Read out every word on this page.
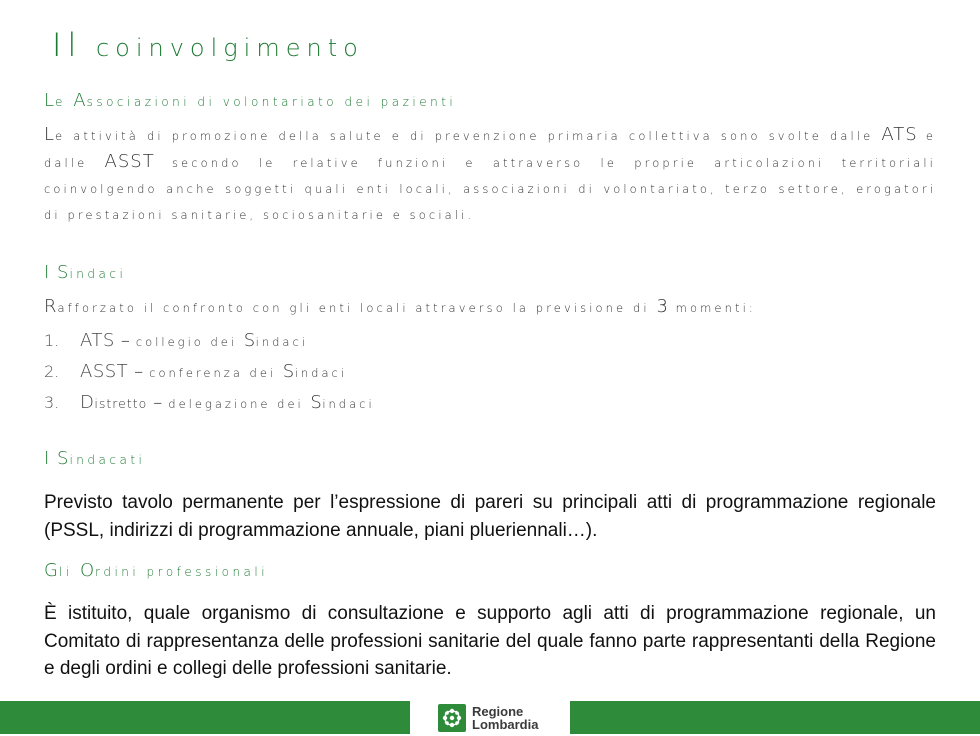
Il coinvolgimento
Le Associazioni di volontariato dei pazienti
Le attività di promozione della salute e di prevenzione primaria collettiva sono svolte dalle ATS e dalle ASST secondo le relative funzioni e attraverso le proprie articolazioni territoriali coinvolgendo anche soggetti quali enti locali, associazioni di volontariato, terzo settore, erogatori di prestazioni sanitarie, sociosanitarie e sociali.
I Sindaci
Rafforzato il confronto con gli enti locali attraverso la previsione di 3 momenti:
1. ATS – collegio dei Sindaci
2. ASST – conferenza dei Sindaci
3. Distretto – delegazione dei Sindaci
I Sindacati
Previsto tavolo permanente per l’espressione di pareri su principali atti di programmazione regionale (PSSL, indirizzi di programmazione annuale, piani plueriennali…).
Gli Ordini professionali
È istituito, quale organismo di consultazione e supporto agli atti di programmazione regionale, un Comitato di rappresentanza delle professioni sanitarie del quale fanno parte rappresentanti della Regione e degli ordini e collegi delle professioni sanitarie.
Regione
Lombardia
